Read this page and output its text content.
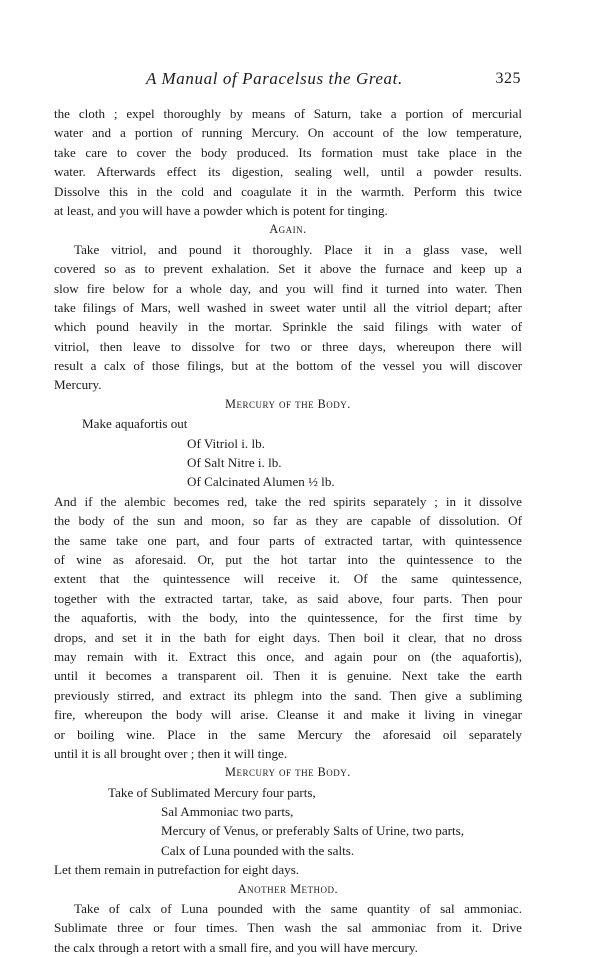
A Manual of Paracelsus the Great.	325
the cloth ; expel thoroughly by means of Saturn, take a portion of mercurial
water and a portion of running Mercury. On account of the low temperature,
take care to cover the body produced. Its formation must take place in the
water. Afterwards effect its digestion, sealing well, until a powder results.
Dissolve this in the cold and coagulate it in the warmth. Perform this twice
at least, and you will have a powder which is potent for tinging.
Again.
Take vitriol, and pound it thoroughly. Place it in a glass vase, well
covered so as to prevent exhalation. Set it above the furnace and keep up a
slow fire below for a whole day, and you will find it turned into water. Then
take filings of Mars, well washed in sweet water until all the vitriol depart; after
which pound heavily in the mortar. Sprinkle the said filings with water of
vitriol, then leave to dissolve for two or three days, whereupon there will
result a calx of those filings, but at the bottom of the vessel you will discover
Mercury.
Mercury of the Body.
Make aquafortis out
Of Vitriol i. lb.
Of Salt Nitre i. lb.
Of Calcinated Alumen ½ lb.
And if the alembic becomes red, take the red spirits separately ; in it dissolve
the body of the sun and moon, so far as they are capable of dissolution. Of
the same take one part, and four parts of extracted tartar, with quintessence
of wine as aforesaid. Or, put the hot tartar into the quintessence to the
extent that the quintessence will receive it. Of the same quintessence,
together with the extracted tartar, take, as said above, four parts. Then pour
the aquafortis, with the body, into the quintessence, for the first time by
drops, and set it in the bath for eight days. Then boil it clear, that no dross
may remain with it. Extract this once, and again pour on (the aquafortis),
until it becomes a transparent oil. Then it is genuine. Next take the earth
previously stirred, and extract its phlegm into the sand. Then give a subliming
fire, whereupon the body will arise. Cleanse it and make it living in vinegar
or boiling wine. Place in the same Mercury the aforesaid oil separately
until it is all brought over ; then it will tinge.
Mercury of the Body.
Take of Sublimated Mercury four parts,
Sal Ammoniac two parts,
Mercury of Venus, or preferably Salts of Urine, two parts,
Calx of Luna pounded with the salts.
Let them remain in putrefaction for eight days.
Another Method.
Take of calx of Luna pounded with the same quantity of sal ammoniac.
Sublimate three or four times. Then wash the sal ammoniac from it. Drive
the calx through a retort with a small fire, and you will have mercury.
